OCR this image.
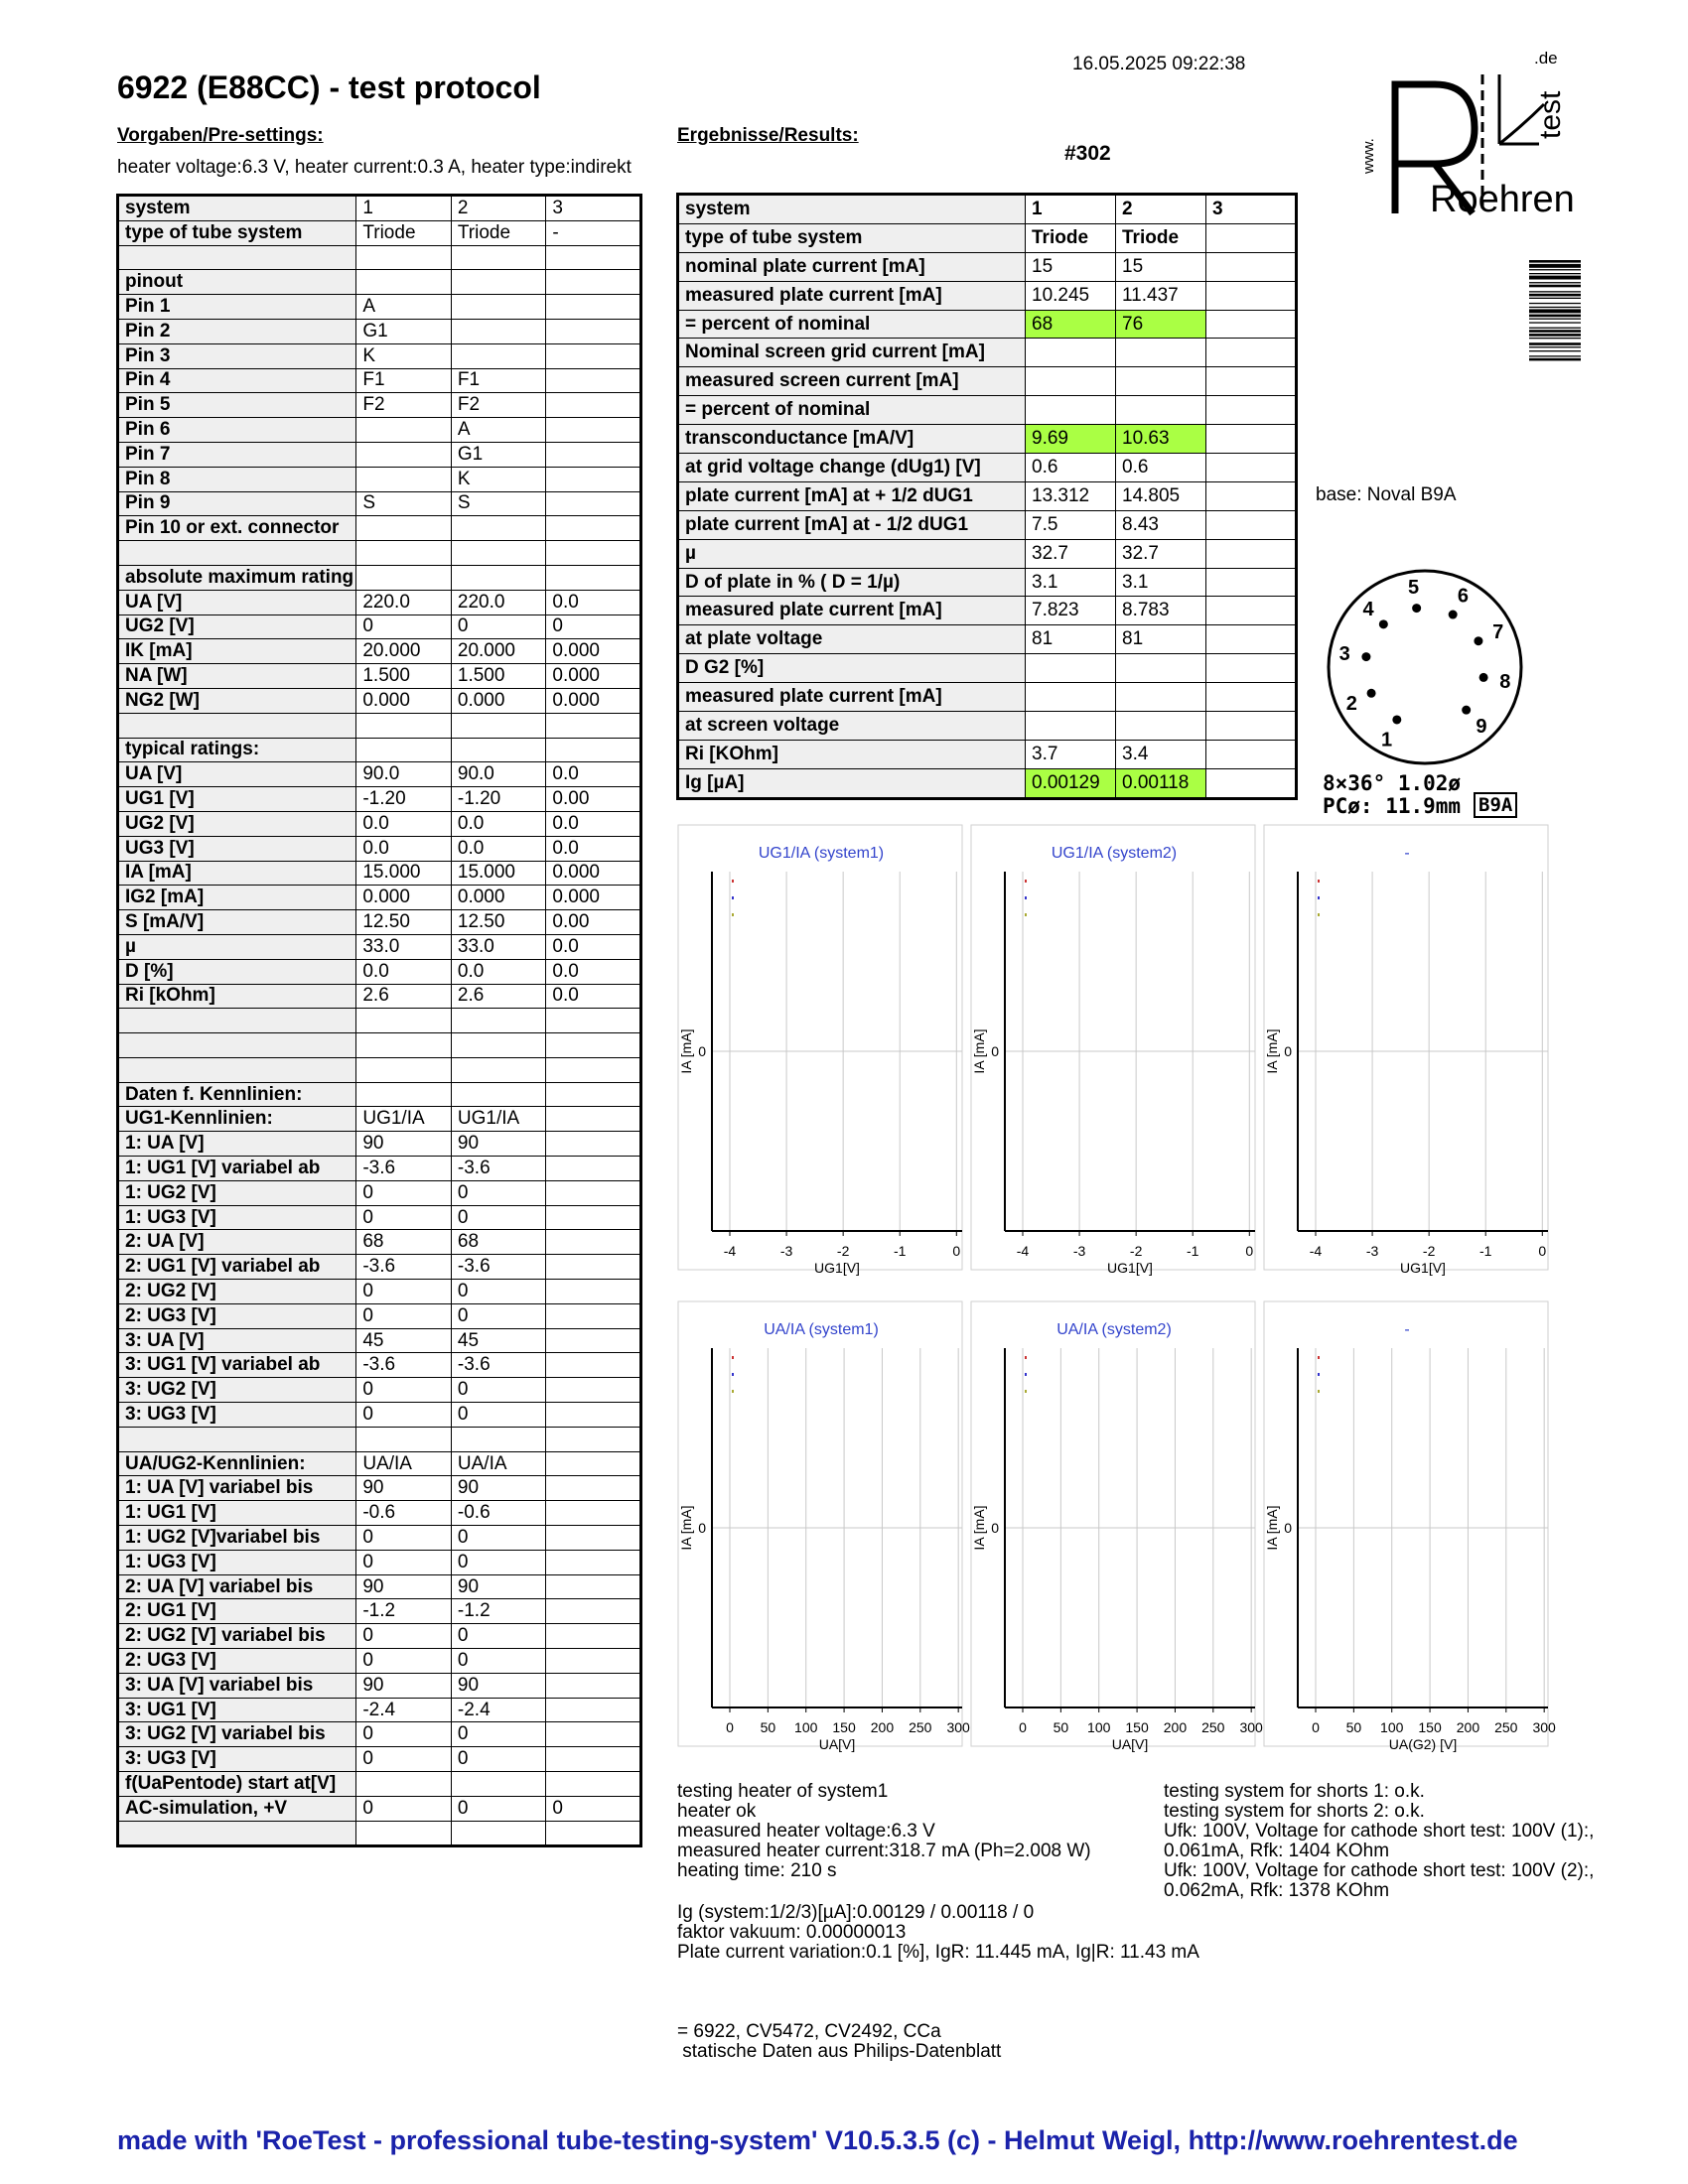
6922 (E88CC) - test protocol
16.05.2025 09:22:38
Roehren
www.
test
.de
Vorgaben/Pre-settings:
heater voltage:6.3 V, heater current:0.3 A, heater type:indirekt
Ergebnisse/Results:
#302
system	1	2	3
type of tube system	Triode	Triode	-

pinout			
Pin 1	A		
Pin 2	G1		
Pin 3	K		
Pin 4	F1	F1	
Pin 5	F2	F2	
Pin 6		A	
Pin 7		G1	
Pin 8		K	
Pin 9	S	S	
Pin 10 or ext. connector			

absolute maximum rating			
UA [V]	220.0	220.0	0.0
UG2 [V]	0	0	0
IK [mA]	20.000	20.000	0.000
NA [W]	1.500	1.500	0.000
NG2 [W]	0.000	0.000	0.000

typical ratings:			
UA [V]	90.0	90.0	0.0
UG1 [V]	-1.20	-1.20	0.00
UG2 [V]	0.0	0.0	0.0
UG3 [V]	0.0	0.0	0.0
IA [mA]	15.000	15.000	0.000
IG2 [mA]	0.000	0.000	0.000
S [mA/V]	12.50	12.50	0.00
µ	33.0	33.0	0.0
D [%]	0.0	0.0	0.0
Ri [kOhm]	2.6	2.6	0.0

Daten f. Kennlinien:			
UG1-Kennlinien:	UG1/IA	UG1/IA	
1: UA [V]	90	90	
1: UG1 [V] variabel ab	-3.6	-3.6	
1: UG2 [V]	0	0	
1: UG3 [V]	0	0	
2: UA [V]	68	68	
2: UG1 [V] variabel ab	-3.6	-3.6	
2: UG2 [V]	0	0	
2: UG3 [V]	0	0	
3: UA [V]	45	45	
3: UG1 [V] variabel ab	-3.6	-3.6	
3: UG2 [V]	0	0	
3: UG3 [V]	0	0	

UA/UG2-Kennlinien:	UA/IA	UA/IA	
1: UA [V] variabel bis	90	90	
1: UG1 [V]	-0.6	-0.6	
1: UG2 [V]variabel bis	0	0	
1: UG3 [V]	0	0	
2: UA [V] variabel bis	90	90	
2: UG1 [V]	-1.2	-1.2	
2: UG2 [V] variabel bis	0	0	
2: UG3 [V]	0	0	
3: UA [V] variabel bis	90	90	
3: UG1 [V]	-2.4	-2.4	
3: UG2 [V] variabel bis	0	0	
3: UG3 [V]	0	0	
f(UaPentode) start at[V]			
AC-simulation, +V	0	0	0

system	1	2	3
type of tube system	Triode	Triode	
nominal plate current [mA]	15	15	
measured plate current [mA]	10.245	11.437	
= percent of nominal	68	76	
Nominal screen grid current [mA]			
measured screen current [mA]			
= percent of nominal			
transconductance [mA/V]	9.69	10.63	
at grid voltage change (dUg1) [V]	0.6	0.6	
plate current [mA] at + 1/2 dUG1	13.312	14.805	
plate current [mA] at - 1/2 dUG1	7.5	8.43	
µ	32.7	32.7	
D of plate in % ( D = 1/µ)	3.1	3.1	
measured plate current [mA]	7.823	8.783	
at plate voltage	81	81	
D G2 [%]			
measured plate current [mA]			
at screen voltage			
Ri [KOhm]	3.7	3.4	
Ig [µA]	0.00129	0.00118	
base: Noval B9A
1
2
3
4
5 6
7
8
9
8×36° 1.02ø
PCø: 11.9mm B9A
UG1/IA (system1)
-4	-3	-2	-1	0
0
IA [mA]
UG1[V]
UG1/IA (system2)
-4	-3	-2	-1	0
0
IA [mA]
UG1[V]
-
-4	-3	-2	-1	0
0
IA [mA]
UG1[V]
UA/IA (system1)
0 50 100 150 200 250 300
0
IA [mA]
UA[V]
UA/IA (system2)
0 50 100 150 200 250 300
0
IA [mA]
UA[V]
-
0 50 100 150 200 250 300
0
IA [mA]
UA(G2) [V]
testing heater of system1
heater ok
measured heater voltage:6.3 V
measured heater current:318.7 mA (Ph=2.008 W)
heating time: 210 s
testing system for shorts 1: o.k.
testing system for shorts 2: o.k.
Ufk: 100V, Voltage for cathode short test: 100V (1):,
0.061mA, Rfk: 1404 KOhm
Ufk: 100V, Voltage for cathode short test: 100V (2):,
0.062mA, Rfk: 1378 KOhm
Ig (system:1/2/3)[µA]:0.00129 / 0.00118 / 0
faktor vakuum: 0.00000013
Plate current variation:0.1 [%], IgR: 11.445 mA, Ig|R: 11.43 mA
= 6922, CV5472, CV2492, CCa
statische Daten aus Philips-Datenblatt
made with 'RoeTest - professional tube-testing-system' V10.5.3.5 (c) - Helmut Weigl, http://www.roehrentest.de
